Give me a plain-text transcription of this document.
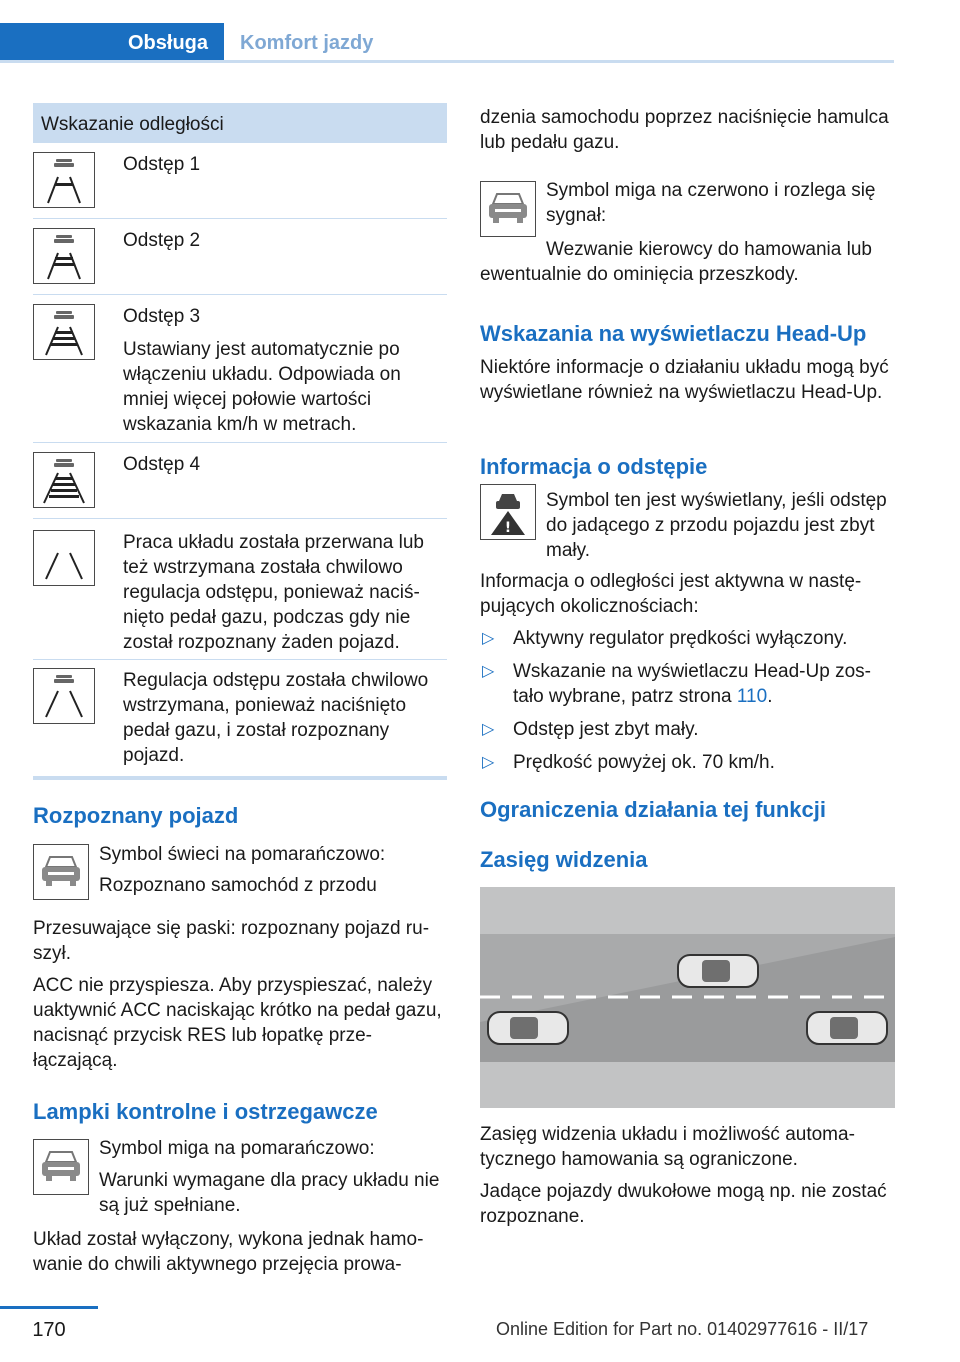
Obsługa	Komfort jazdy
Wskazanie odległości

Odstęp 1

Odstęp 2

Odstęp 3

Ustawiany jest automatycznie po włączeniu układu. Odpowiada on mniej więcej połowie wartości wskazania km/h w metrach.

Odstęp 4

Praca układu została przerwana lub też wstrzymana została chwilowo regulacja odstępu, ponieważ naciśnięto pedał gazu, podczas gdy nie został rozpoznany żaden pojazd.

Regulacja odstępu została chwilowo wstrzymana, ponieważ naciśnięto pedał gazu, i został rozpoznany pojazd.

Rozpoznany pojazd
Symbol świeci na pomarańczowo:
Rozpoznano samochód z przodu
Przesuwające się paski: rozpoznany pojazd ruszył.
ACC nie przyspiesza. Aby przyspieszać, należy uaktywnić ACC naciskając krótko na pedał gazu, nacisnąć przycisk RES lub łopatkę przełączającą.
Lampki kontrolne i ostrzegawcze
Symbol miga na pomarańczowo:
Warunki wymagane dla pracy układu nie są już spełniane.
Układ został wyłączony, wykona jednak hamowanie do chwili aktywnego przejęcia prowa-
dzenia samochodu poprzez naciśnięcie hamulca lub pedału gazu.
Symbol miga na czerwono i rozlega się sygnał:
Wezwanie kierowcy do hamowania lub ewentualnie do ominięcia przeszkody.
Wskazania na wyświetlaczu Head-Up
Niektóre informacje o działaniu układu mogą być wyświetlane również na wyświetlaczu Head-Up.
Informacja o odstępie
!
Symbol ten jest wyświetlany, jeśli odstęp do jadącego z przodu pojazdu jest zbyt mały.
Informacja o odległości jest aktywna w następujących okolicznościach:
▷ Aktywny regulator prędkości wyłączony.
▷ Wskazanie na wyświetlaczu Head-Up zostało wybrane, patrz strona 110.
▷ Odstęp jest zbyt mały.
▷ Prędkość powyżej ok. 70 km/h.
Ograniczenia działania tej funkcji
Zasięg widzenia
Zasięg widzenia układu i możliwość automatycznego hamowania są ograniczone.
Jadące pojazdy dwukołowe mogą np. nie zostać rozpoznane.
170	Online Edition for Part no. 01402977616 - II/17
